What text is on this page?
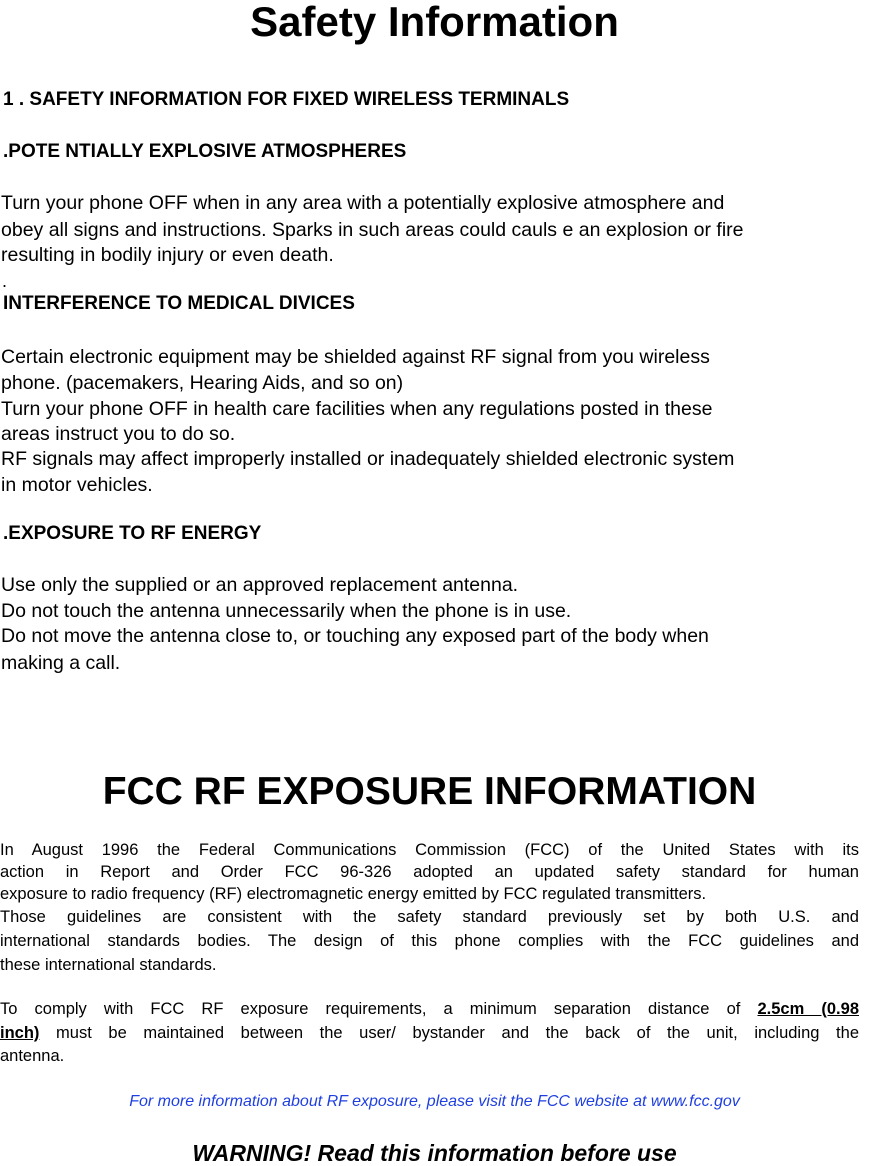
Safety Information

1 . SAFETY INFORMATION FOR FIXED WIRELESS TERMINALS

.POTE NTIALLY EXPLOSIVE ATMOSPHERES

Turn your phone OFF when in any area with a potentially explosive atmosphere and

obey all signs and instructions. Sparks in such areas could cauls e an explosion or fire

resulting in bodily injury or even death.

.

INTERFERENCE TO MEDICAL DIVICES

Certain electronic equipment may be shielded against RF signal from you wireless

phone. (pacemakers, Hearing Aids, and so on)

Turn your phone OFF in health care facilities when any regulations posted in these

areas instruct you to do so.

RF signals may affect improperly installed or inadequately shielded electronic system

in motor vehicles.

.EXPOSURE TO RF ENERGY

Use only the supplied or an approved replacement antenna.

Do not touch the antenna unnecessarily when the phone is in use.

Do not move the antenna close to, or touching any exposed part of the body when

making a call.

FCC RF EXPOSURE INFORMATION

In August 1996 the Federal Communications Commission (FCC) of the United States with its

action in Report and Order FCC 96-326 adopted an updated safety standard for human

exposure to radio frequency (RF) electromagnetic energy emitted by FCC regulated transmitters.

Those guidelines are consistent with the safety standard previously set by both U.S. and

international standards bodies. The design of this phone complies with the FCC guidelines and

these international standards.

To comply with FCC RF exposure requirements, a minimum separation distance of 2.5cm (0.98

inch) must be maintained between the user/ bystander and the back of the unit, including the

antenna.

For more information about RF exposure, please visit the FCC website at www.fcc.gov

WARNING! Read this information before use
